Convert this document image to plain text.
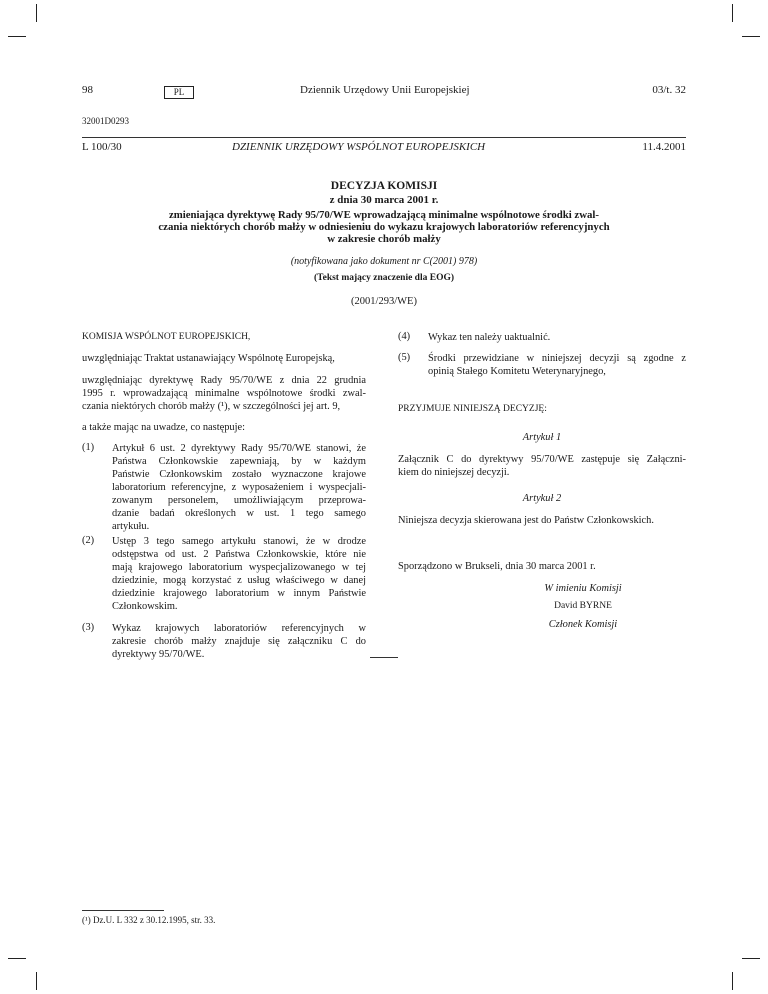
98	PL	Dziennik Urzędowy Unii Europejskiej	03/t. 32
32001D0293
L 100/30	DZIENNIK URZĘDOWY WSPÓLNOT EUROPEJSKICH	11.4.2001
DECYZJA KOMISJI
z dnia 30 marca 2001 r.
zmieniająca dyrektywę Rady 95/70/WE wprowadzającą minimalne wspólnotowe środki zwal-
czania niektórych chorób małży w odniesieniu do wykazu krajowych laboratoriów referencyjnych
w zakresie chorób małży
(notyfikowana jako dokument nr C(2001) 978)
(Tekst mający znaczenie dla EOG)
(2001/293/WE)
KOMISJA WSPÓLNOT EUROPEJSKICH,
uwzględniając Traktat ustanawiający Wspólnotę Europejską,
uwzględniając dyrektywę Rady 95/70/WE z dnia 22 grudnia
1995 r. wprowadzającą minimalne wspólnotowe środki zwal-
czania niektórych chorób małży (¹), w szczególności jej art. 9,
a także mając na uwadze, co następuje:
(1) Artykuł 6 ust. 2 dyrektywy Rady 95/70/WE stanowi, że
Państwa Członkowskie zapewniają, by w każdym
Państwie Członkowskim zostało wyznaczone krajowe
laboratorium referencyjne, z wyposażeniem i wyspecjali-
zowanym personelem, umożliwiającym przeprowa-
dzanie badań określonych w ust. 1 tego samego
artykułu.
(2) Ustęp 3 tego samego artykułu stanowi, że w drodze
odstępstwa od ust. 2 Państwa Członkowskie, które nie
mają krajowego laboratorium wyspecjalizowanego w tej
dziedzinie, mogą korzystać z usług właściwego w danej
dziedzinie krajowego laboratorium w innym Państwie
Członkowskim.
(3) Wykaz krajowych laboratoriów referencyjnych w
zakresie chorób małży znajduje się załączniku C do
dyrektywy 95/70/WE.
(4) Wykaz ten należy uaktualnić.
(5) Środki przewidziane w niniejszej decyzji są zgodne z
opinią Stałego Komitetu Weterynaryjnego,
PRZYJMUJE NINIEJSZĄ DECYZJĘ:
Artykuł 1
Załącznik C do dyrektywy 95/70/WE zastępuje się Załączni-
kiem do niniejszej decyzji.
Artykuł 2
Niniejsza decyzja skierowana jest do Państw Członkowskich.
Sporządzono w Brukseli, dnia 30 marca 2001 r.
W imieniu Komisji
David BYRNE
Członek Komisji
(¹) Dz.U. L 332 z 30.12.1995, str. 33.
